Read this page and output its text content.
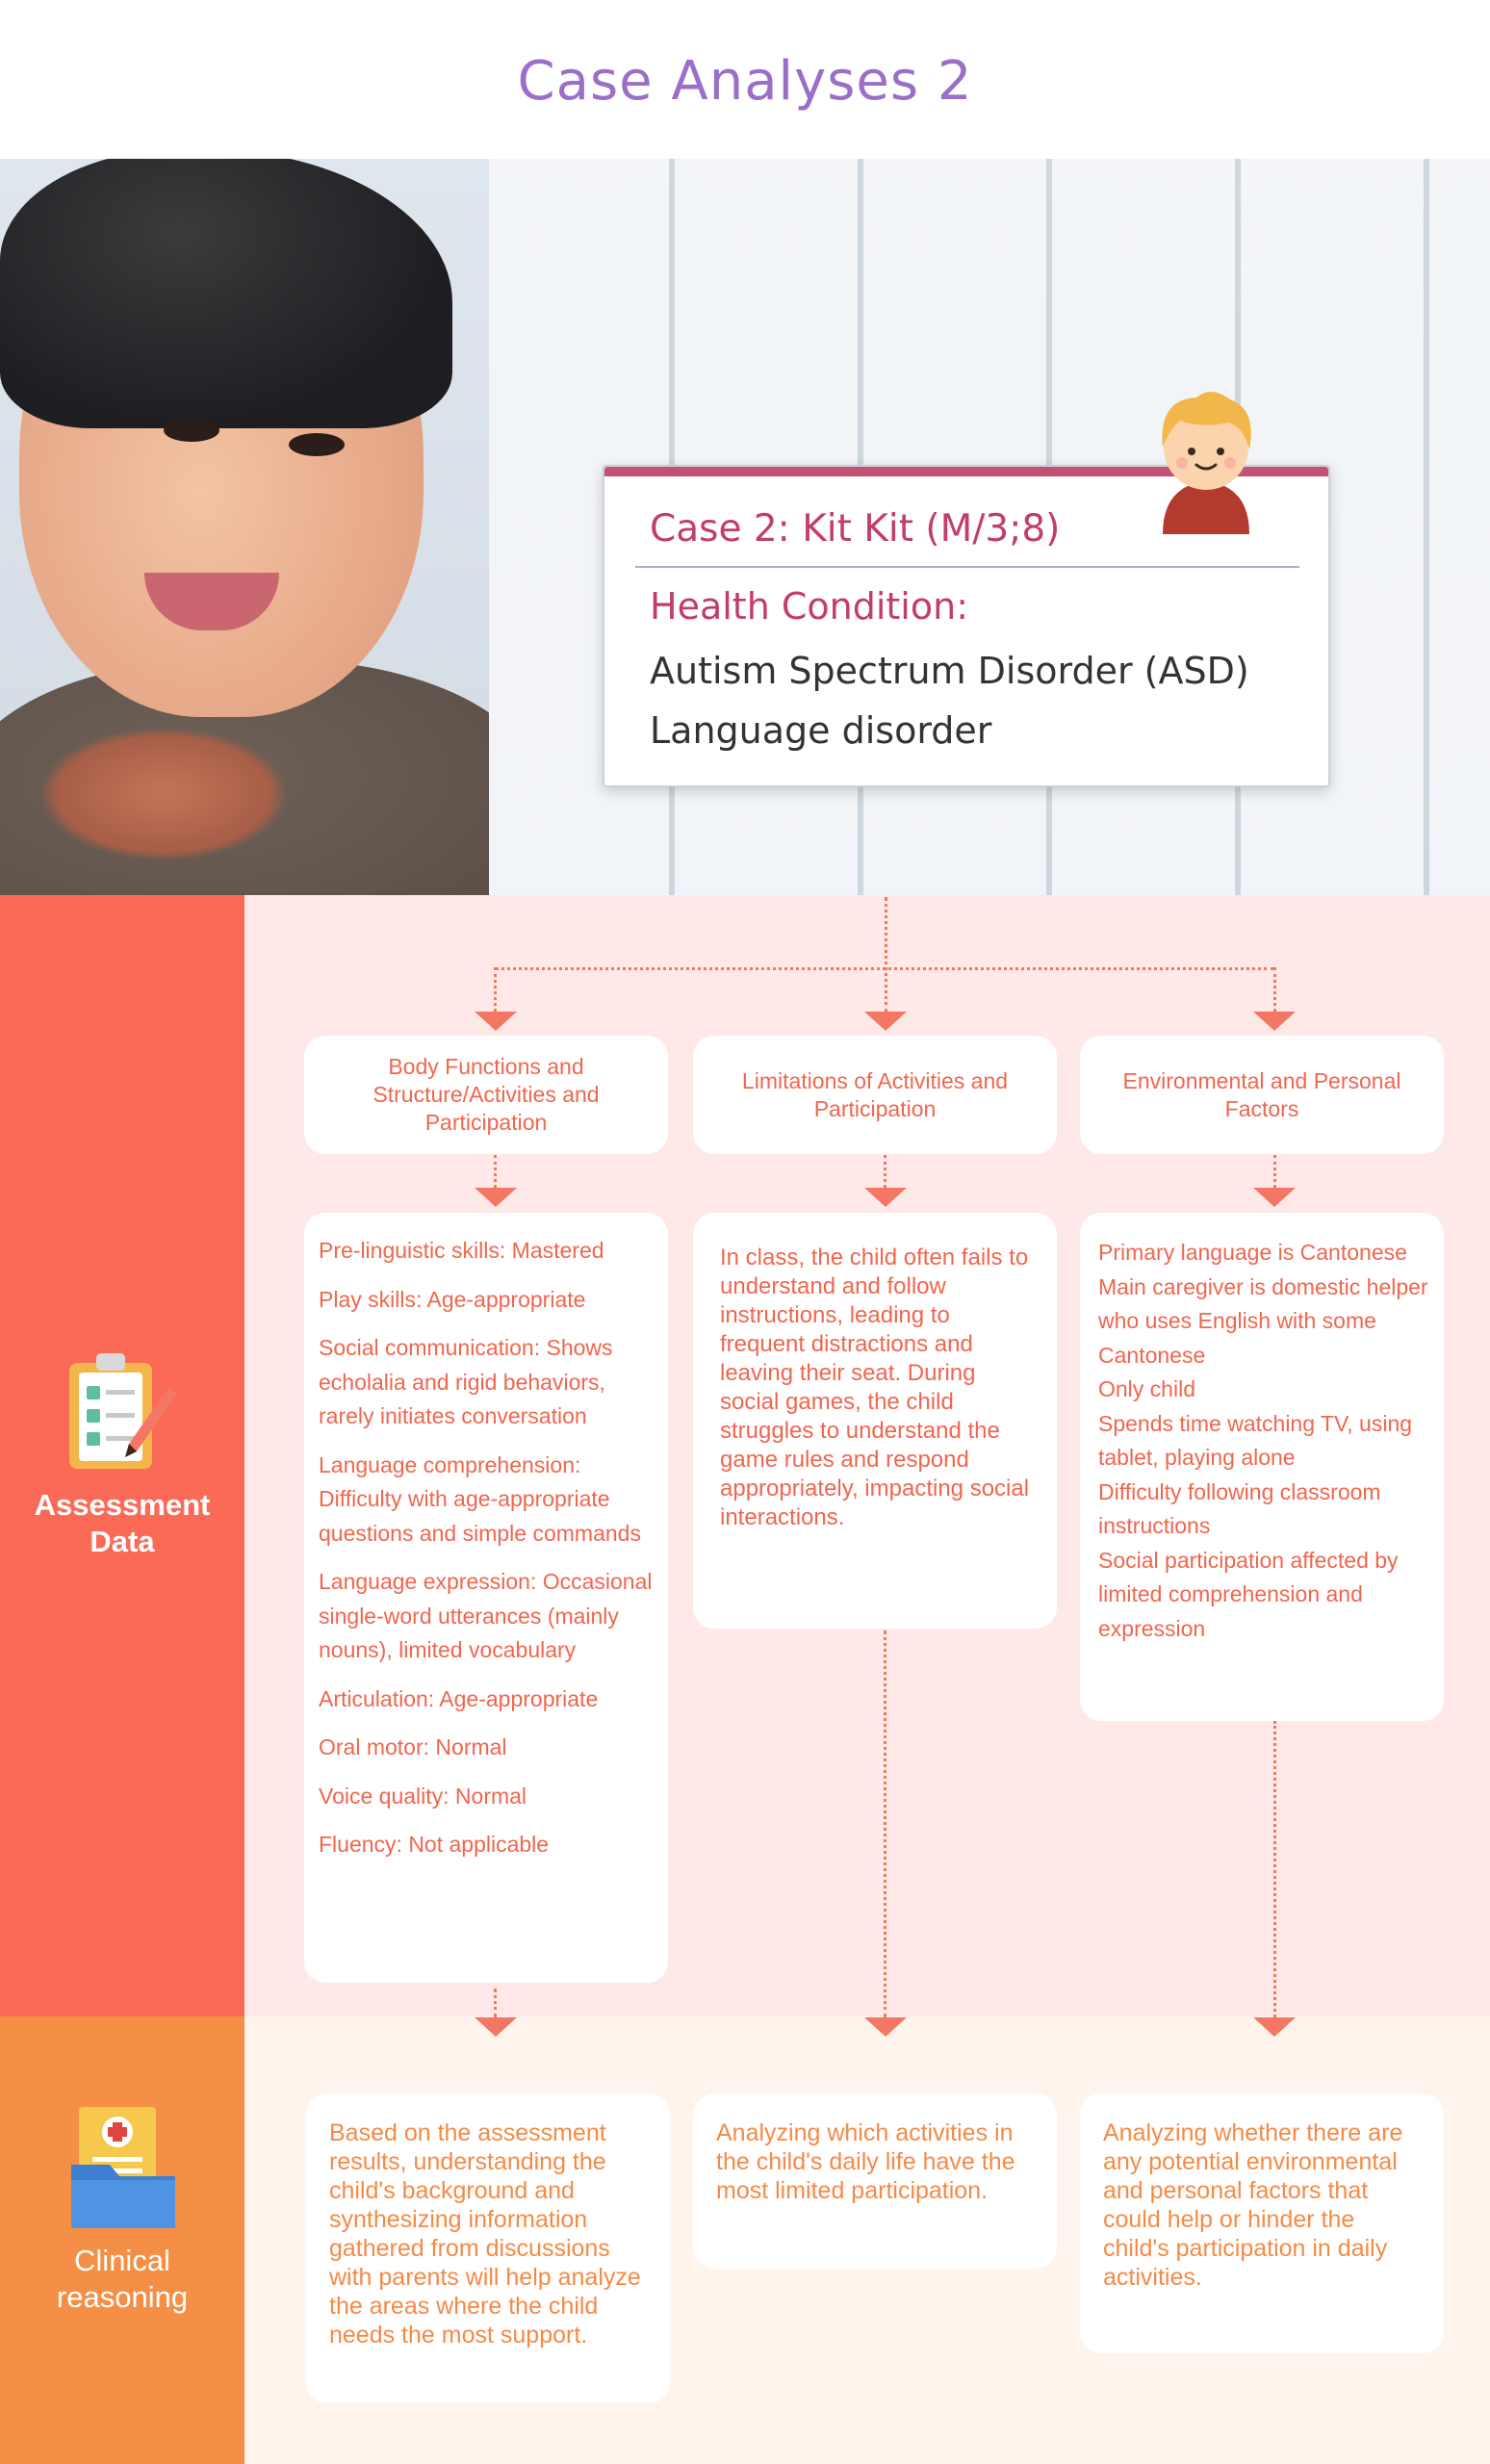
Case Analyses 2
Case 2: Kit Kit (M/3;8)
Health Condition:
Autism Spectrum Disorder (ASD)
Language disorder
Assessment
Data
Clinical
reasoning
Body Functions and Structure/Activities and Participation
Limitations of Activities and Participation
Environmental and Personal Factors

Pre-linguistic skills: Mastered

Play skills: Age-appropriate

Social communication: Shows echolalia and rigid behaviors, rarely initiates conversation

Language comprehension: Difficulty with age-appropriate questions and simple commands

Language expression: Occasional single-word utterances (mainly nouns), limited vocabulary

Articulation: Age-appropriate

Oral motor: Normal

Voice quality: Normal

Fluency: Not applicable

In class, the child often fails to understand and follow instructions, leading to frequent distractions and leaving their seat. During social games, the child struggles to understand the game rules and respond appropriately, impacting social interactions.
Primary language is Cantonese
Main caregiver is domestic helper who uses English with some Cantonese
Only child
Spends time watching TV, using tablet, playing alone
Difficulty following classroom instructions
Social participation affected by limited comprehension and expression
Based on the assessment results, understanding the child's background and synthesizing information gathered from discussions with parents will help analyze the areas where the child needs the most support.
Analyzing which activities in the child's daily life have the most limited participation.
Analyzing whether there are any potential environmental and personal factors that could help or hinder the child's participation in daily activities.
